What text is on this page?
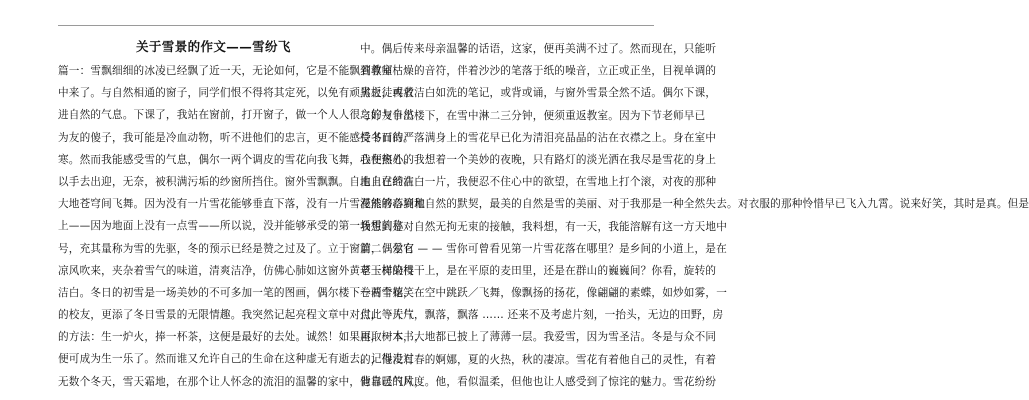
关于雪景的作文——雪纷飞
篇一：雪飘细细的冰凌已经飘了近一天，无论如何，它是不能飘到教室
中来了。与自然相通的窗子，同学们恨不得将其定死，以免有顽劣之徒再放
进自然的气息。下课了，我站在窗前，打开窗子，做一个人人很之的与自然
为友的傻子，我可能是冷血动物，听不进他们的忠言，更不能感受冬日的严
寒。然而我能感受雪的气息，偶尔一两个调皮的雪花向我飞舞，我便热心的
以手去出迎，无奈，被积满污垢的纱窗所挡住。窗外雪飘飘。自由自在的在
大地苍穹间飞舞。因为没有一片雪花能够垂直下落，没有一片雪花能够落到地
上——因为地面上没有一点雪——所以说，没并能够承受的第一场雪的称
号，充其量称为雪的先驱，冬的预示已经是赞之过及了。立于窗前，偶尔有
凉风吹来，夹杂着雪气的味道，清爽洁净，仿佛心肺如这窗外黄草一样染得
洁白。冬日的初雪是一场美妙的不可多加一笔的图画，偶尔楼下一两个嬉笑
的校友，更添了冬日雪景的无限情趣。我突然记起亮程文章中对付此等天气
的方法：生一炉火，捧一杯茶，这便是最好的去处。诚然！如果再取一本书，
便可成为生一乐了。然而谁又允许自己的生命在这种虚无有逝去。记得走过
无数个冬天，雪天霜地，在那个让人怀念的流泪的温馨的家中，背靠暖气片，
中。偶后传来母亲温馨的话语，这家，便再美满不过了。然而现在，只能听
着尊师枯燥的音符，伴着沙沙的笔落于纸的噪音，立正或正坐，目视单调的
黑板，或者洁白如洗的笔记，或背或诵，与窗外雪景全然不适。偶尔下课，
与好友争出楼下，在雪中淋二三分钟，便须重返教室。因为下节老师早已
持书而待。落满身上的雪花早已化为清泪亮晶晶的沾在衣襟之上。身在室中
心在窗外。我想着一个美妙的夜晚，只有路灯的淡光洒在我尽是雪花的身上
地上已经洁白一片，我便忍不住心中的欲望，在雪地上打个滚，对夜的那种
漫然的心境和自然的默契，最美的自然是雪的美丽、对于我那是一种全然失去。对衣服的那种怜惜早已飞入九霄。说来好笑，其时是真。但是
我想到是对自然无拘无束的接触，我料想，有一天，我能溶解有这一方天地中
篇二：爱它 — — 雪你可曾看见第一片雪花落在哪里？是乡间的小道上，是在
老玉树的枝干上，是在平原的麦田里，还是在群山的巍巍间？你看，旋转的
卷着雪花，在空中跳跃／飞舞，像飘扬的扬花，像翩翩的素蝶，如炒如雾，一
点，一片片，飘落，飘落 …… 还来不及考虑片刻，一抬头，无边的田野，房
屋，树木，大地都已披上了薄薄一层。我爱雪，因为雪圣洁。冬是与众不同
的，他没有春的婀娜，夏的火热，秋的凄凉。雪花有着他自己的灵性，有着
他自己的风度。他，看似温柔，但他也让人感受到了惊诧的魅力。雪花纷纷
